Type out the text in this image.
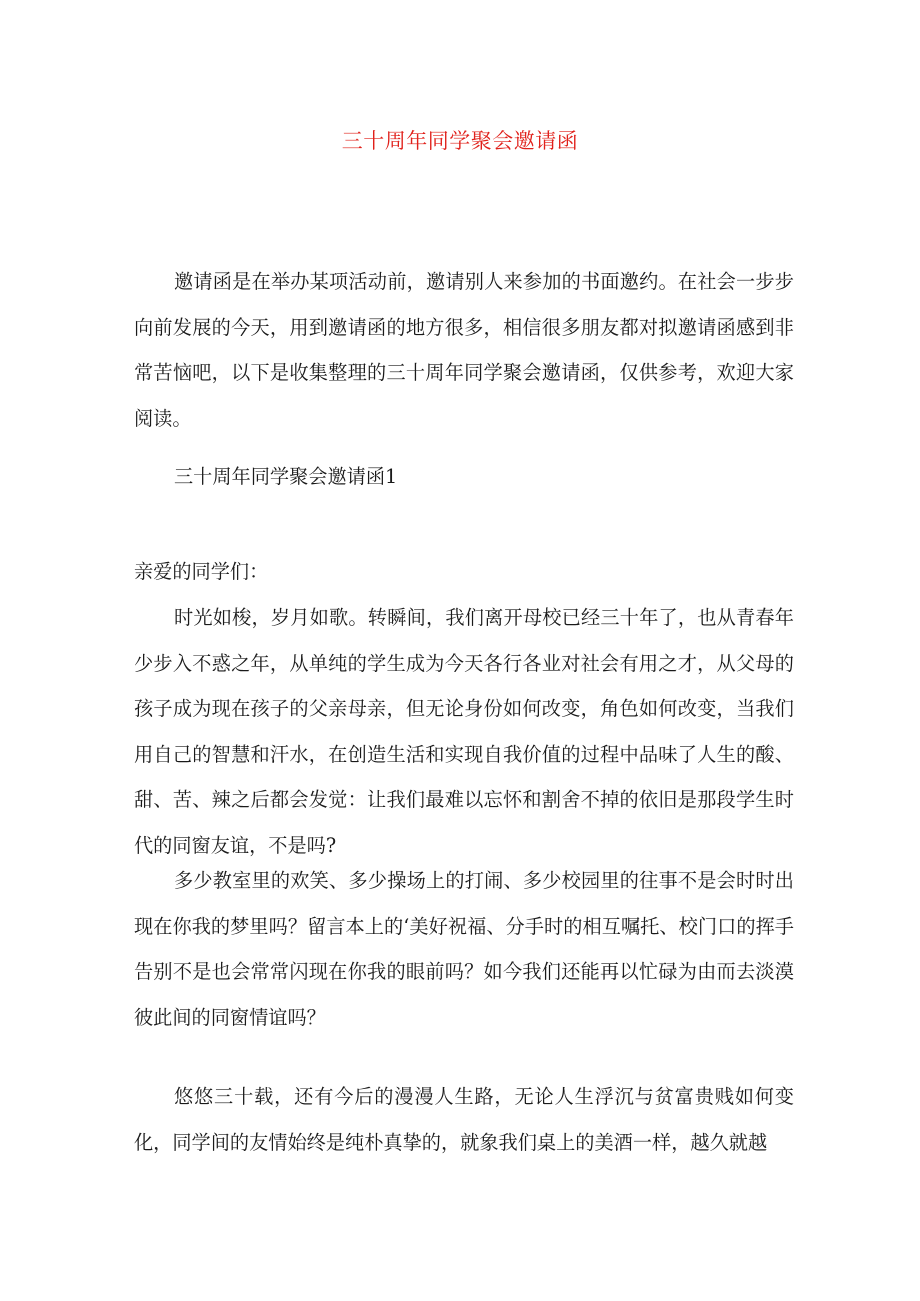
三十周年同学聚会邀请函

邀请函是在举办某项活动前，邀请别人来参加的书面邀约。在社会一步步向前发展的今天，用到邀请函的地方很多，相信很多朋友都对拟邀请函感到非常苦恼吧，以下是收集整理的三十周年同学聚会邀请函，仅供参考，欢迎大家阅读。

三十周年同学聚会邀请函1

亲爱的同学们：

时光如梭，岁月如歌。转瞬间，我们离开母校已经三十年了，也从青春年少步入不惑之年，从单纯的学生成为今天各行各业对社会有用之才，从父母的孩子成为现在孩子的父亲母亲，但无论身份如何改变，角色如何改变，当我们用自己的智慧和汗水，在创造生活和实现自我价值的过程中品味了人生的酸、甜、苦、辣之后都会发觉：让我们最难以忘怀和割舍不掉的依旧是那段学生时代的同窗友谊，不是吗?

多少教室里的欢笑、多少操场上的打闹、多少校园里的往事不是会时时出现在你我的梦里吗？留言本上的‘美好祝福、分手时的相互嘱托、校门口的挥手告别不是也会常常闪现在你我的眼前吗？如今我们还能再以忙碌为由而去淡漠彼此间的同窗情谊吗？

悠悠三十载，还有今后的漫漫人生路，无论人生浮沉与贫富贵贱如何变化，同学间的友情始终是纯朴真挚的，就象我们桌上的美酒一样，越久就越
